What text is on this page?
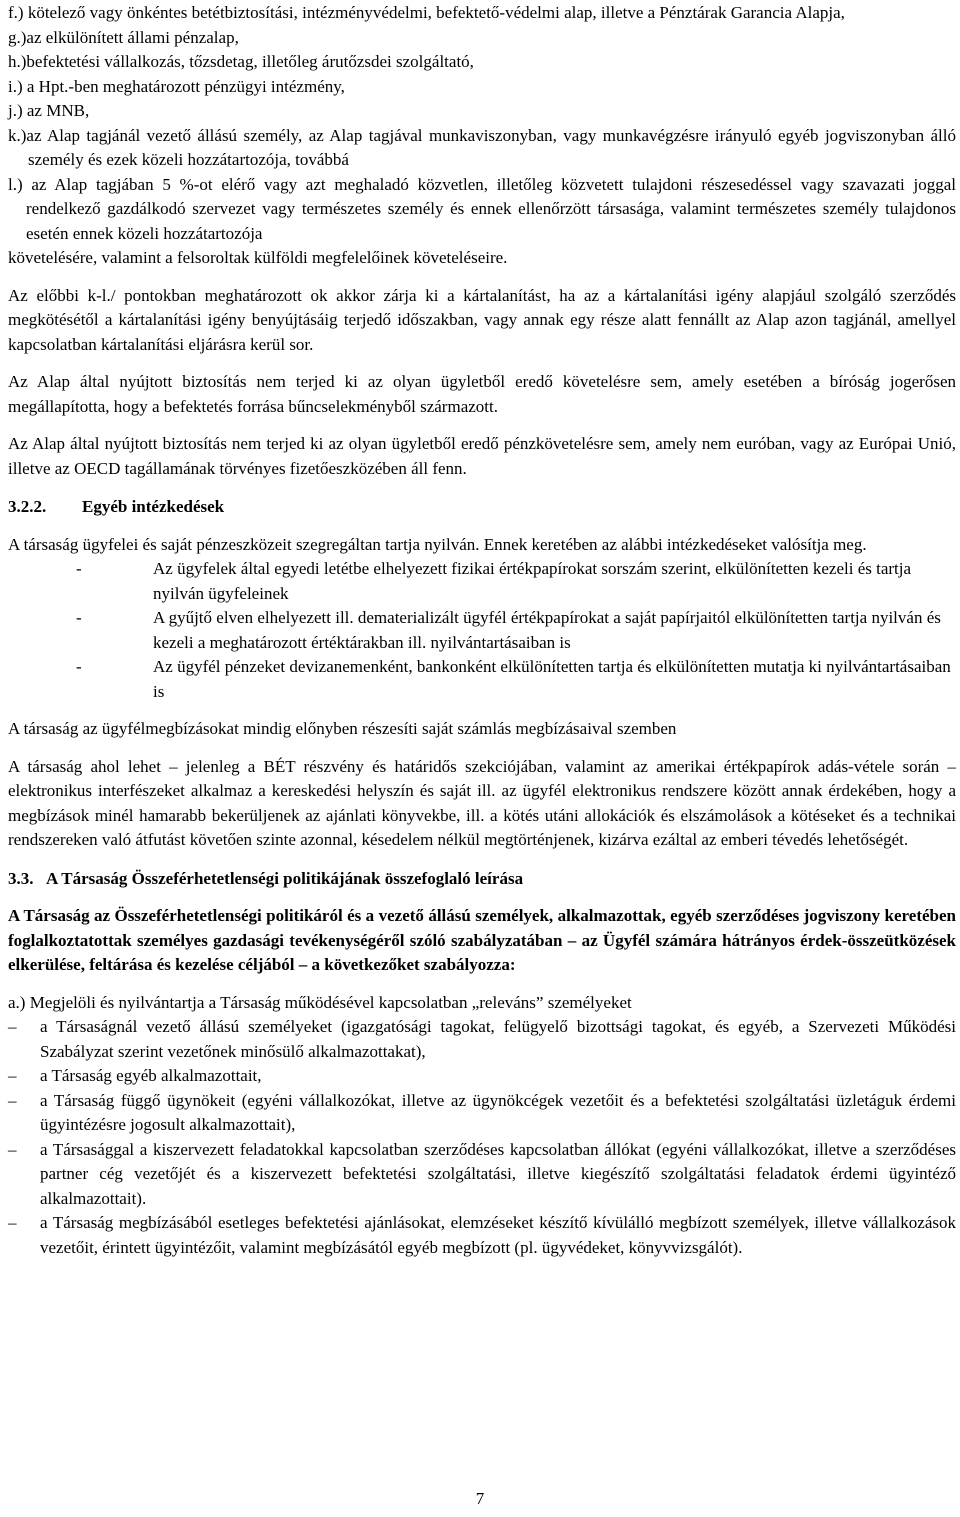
f.) kötelező vagy önkéntes betétbiztosítási, intézményvédelmi, befektető-védelmi alap, illetve a Pénztárak Garancia Alapja,

g.)az elkülönített állami pénzalap,

h.)befektetési vállalkozás, tőzsdetag, illetőleg árutőzsdei szolgáltató,

i.) a Hpt.-ben meghatározott pénzügyi intézmény,

j.) az MNB,

k.)az Alap tagjánál vezető állású személy, az Alap tagjával munkaviszonyban, vagy munkavégzésre irányuló egyéb jogviszonyban álló személy és ezek közeli hozzátartozója, továbbá

l.) az Alap tagjában 5 %-ot elérő vagy azt meghaladó közvetlen, illetőleg közvetett tulajdoni részesedéssel vagy szavazati joggal rendelkező gazdálkodó szervezet vagy természetes személy és ennek ellenőrzött társasága, valamint természetes személy tulajdonos esetén ennek közeli hozzátartozója

követelésére, valamint a felsoroltak külföldi megfelelőinek követeléseire.

Az előbbi k-l./ pontokban meghatározott ok akkor zárja ki a kártalanítást, ha az a kártalanítási igény alapjául szolgáló szerződés megkötésétől a kártalanítási igény benyújtásáig terjedő időszakban, vagy annak egy része alatt fennállt az Alap azon tagjánál, amellyel kapcsolatban kártalanítási eljárásra kerül sor.

Az Alap által nyújtott biztosítás nem terjed ki az olyan ügyletből eredő követelésre sem, amely esetében a bíróság jogerősen megállapította, hogy a befektetés forrása bűncselekményből származott.

Az Alap által nyújtott biztosítás nem terjed ki az olyan ügyletből eredő pénzkövetelésre sem, amely nem euróban, vagy az Európai Unió, illetve az OECD tagállamának törvényes fizetőeszközében áll fenn.

3.2.2. Egyéb intézkedések

A társaság ügyfelei és saját pénzeszközeit szegregáltan tartja nyilván. Ennek keretében az alábbi intézkedéseket valósítja meg.

-	Az ügyfelek által egyedi letétbe elhelyezett fizikai értékpapírokat sorszám szerint, elkülönítetten kezeli és tartja nyilván ügyfeleinek
-	A gyűjtő elven elhelyezett ill. dematerializált ügyfél értékpapírokat a saját papírjaitól elkülönítetten tartja nyilván és kezeli a meghatározott értéktárakban ill. nyilvántartásaiban is
-	Az ügyfél pénzeket devizanemenként, bankonként elkülönítetten tartja és elkülönítetten mutatja ki nyilvántartásaiban is

A társaság az ügyfélmegbízásokat mindig előnyben részesíti saját számlás megbízásaival szemben

A társaság ahol lehet – jelenleg a BÉT részvény és határidős szekciójában, valamint az amerikai értékpapírok adás-vétele során – elektronikus interfészeket alkalmaz a kereskedési helyszín és saját ill. az ügyfél elektronikus rendszere között annak érdekében, hogy a megbízások minél hamarabb bekerüljenek az ajánlati könyvekbe, ill. a kötés utáni allokációk és elszámolások a kötéseket és a technikai rendszereken való átfutást követően szinte azonnal, késedelem nélkül megtörténjenek, kizárva ezáltal az emberi tévedés lehetőségét.

3.3. A Társaság Összeférhetetlenségi politikájának összefoglaló leírása

A Társaság az Összeférhetetlenségi politikáról és a vezető állású személyek, alkalmazottak, egyéb szerződéses jogviszony keretében foglalkoztatottak személyes gazdasági tevékenységéről szóló szabályzatában – az Ügyfél számára hátrányos érdek-összeütközések elkerülése, feltárása és kezelése céljából – a következőket szabályozza:

a.) Megjelöli és nyilvántartja a Társaság működésével kapcsolatban „releváns” személyeket

– a Társaságnál vezető állású személyeket (igazgatósági tagokat, felügyelő bizottsági tagokat, és egyéb, a Szervezeti Működési Szabályzat szerint vezetőnek minősülő alkalmazottakat),
– a Társaság egyéb alkalmazottait,
– a Társaság függő ügynökeit (egyéni vállalkozókat, illetve az ügynökcégek vezetőit és a befektetési szolgáltatási üzletáguk érdemi ügyintézésre jogosult alkalmazottait),
– a Társasággal a kiszervezett feladatokkal kapcsolatban szerződéses kapcsolatban állókat (egyéni vállalkozókat, illetve a szerződéses partner cég vezetőjét és a kiszervezett befektetési szolgáltatási, illetve kiegészítő szolgáltatási feladatok érdemi ügyintéző alkalmazottait).
– a Társaság megbízásából esetleges befektetési ajánlásokat, elemzéseket készítő kívülálló megbízott személyek, illetve vállalkozások vezetőit, érintett ügyintézőit, valamint megbízásától egyéb megbízott (pl. ügyvédeket, könyvvizsgálót).
7
